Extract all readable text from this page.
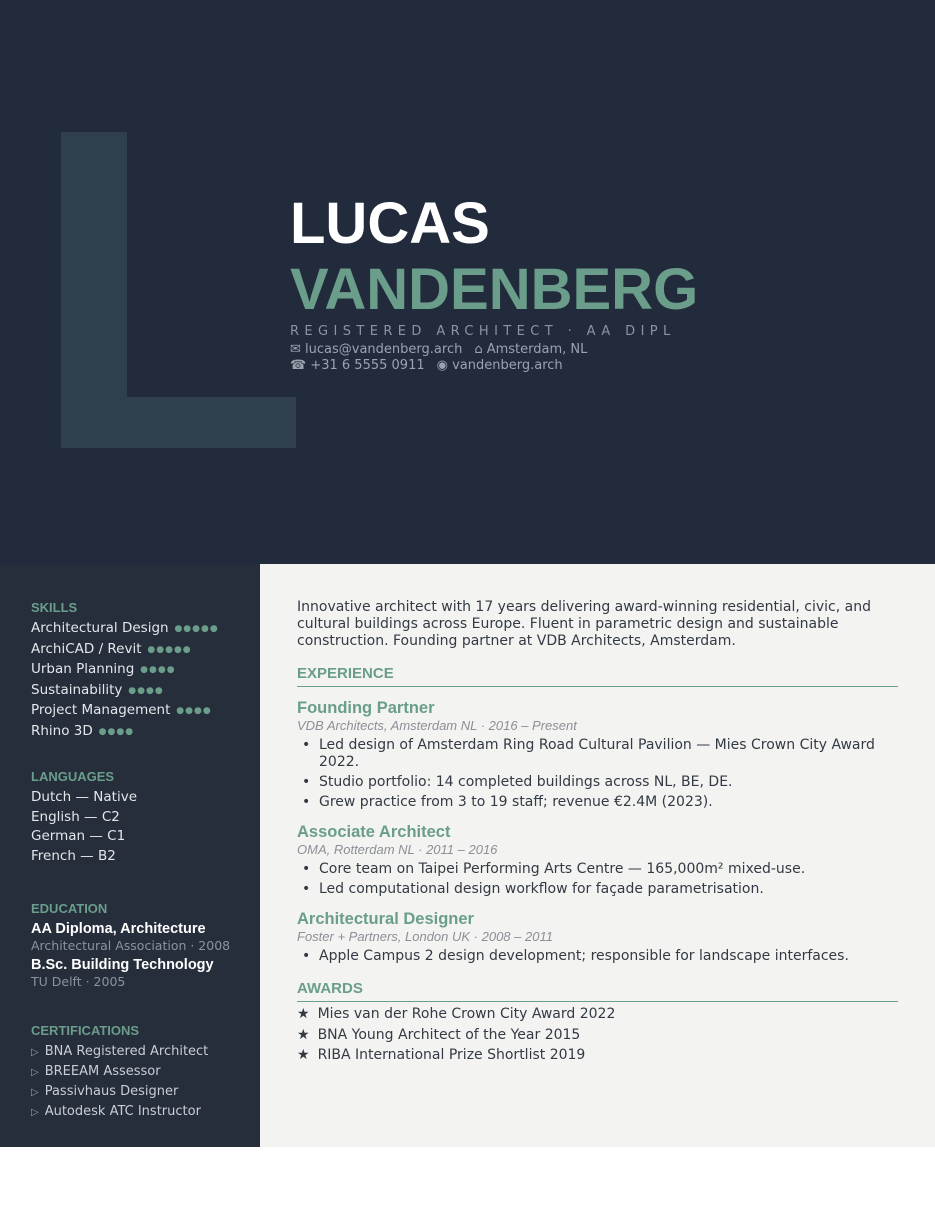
LUCAS
VANDENBERG
REGISTERED ARCHITECT · AA DIPL
✉ lucas@vandenberg.arch ⌂ Amsterdam, NL
☎ +31 6 5555 0911 ◉ vandenberg.arch
SKILLS
Architectural Design ●●●●●
ArchiCAD / Revit ●●●●●
Urban Planning ●●●●
Sustainability ●●●●
Project Management ●●●●
Rhino 3D ●●●●
LANGUAGES
Dutch — Native
English — C2
German — C1
French — B2
EDUCATION
AA Diploma, Architecture
Architectural Association · 2008
B.Sc. Building Technology
TU Delft · 2005
CERTIFICATIONS
▷ BNA Registered Architect
▷ BREEAM Assessor
▷ Passivhaus Designer
▷ Autodesk ATC Instructor
Innovative architect with 17 years delivering award-winning residential, civic, and cultural buildings across Europe. Fluent in parametric design and sustainable construction. Founding partner at VDB Architects, Amsterdam.
EXPERIENCE
Founding Partner
VDB Architects, Amsterdam NL · 2016 – Present
• Led design of Amsterdam Ring Road Cultural Pavilion — Mies Crown City Award 2022.
• Studio portfolio: 14 completed buildings across NL, BE, DE.
• Grew practice from 3 to 19 staff; revenue €2.4M (2023).
Associate Architect
OMA, Rotterdam NL · 2011 – 2016
• Core team on Taipei Performing Arts Centre — 165,000m² mixed-use.
• Led computational design workflow for façade parametrisation.
Architectural Designer
Foster + Partners, London UK · 2008 – 2011
• Apple Campus 2 design development; responsible for landscape interfaces.
AWARDS
★ Mies van der Rohe Crown City Award 2022
★ BNA Young Architect of the Year 2015
★ RIBA International Prize Shortlist 2019
